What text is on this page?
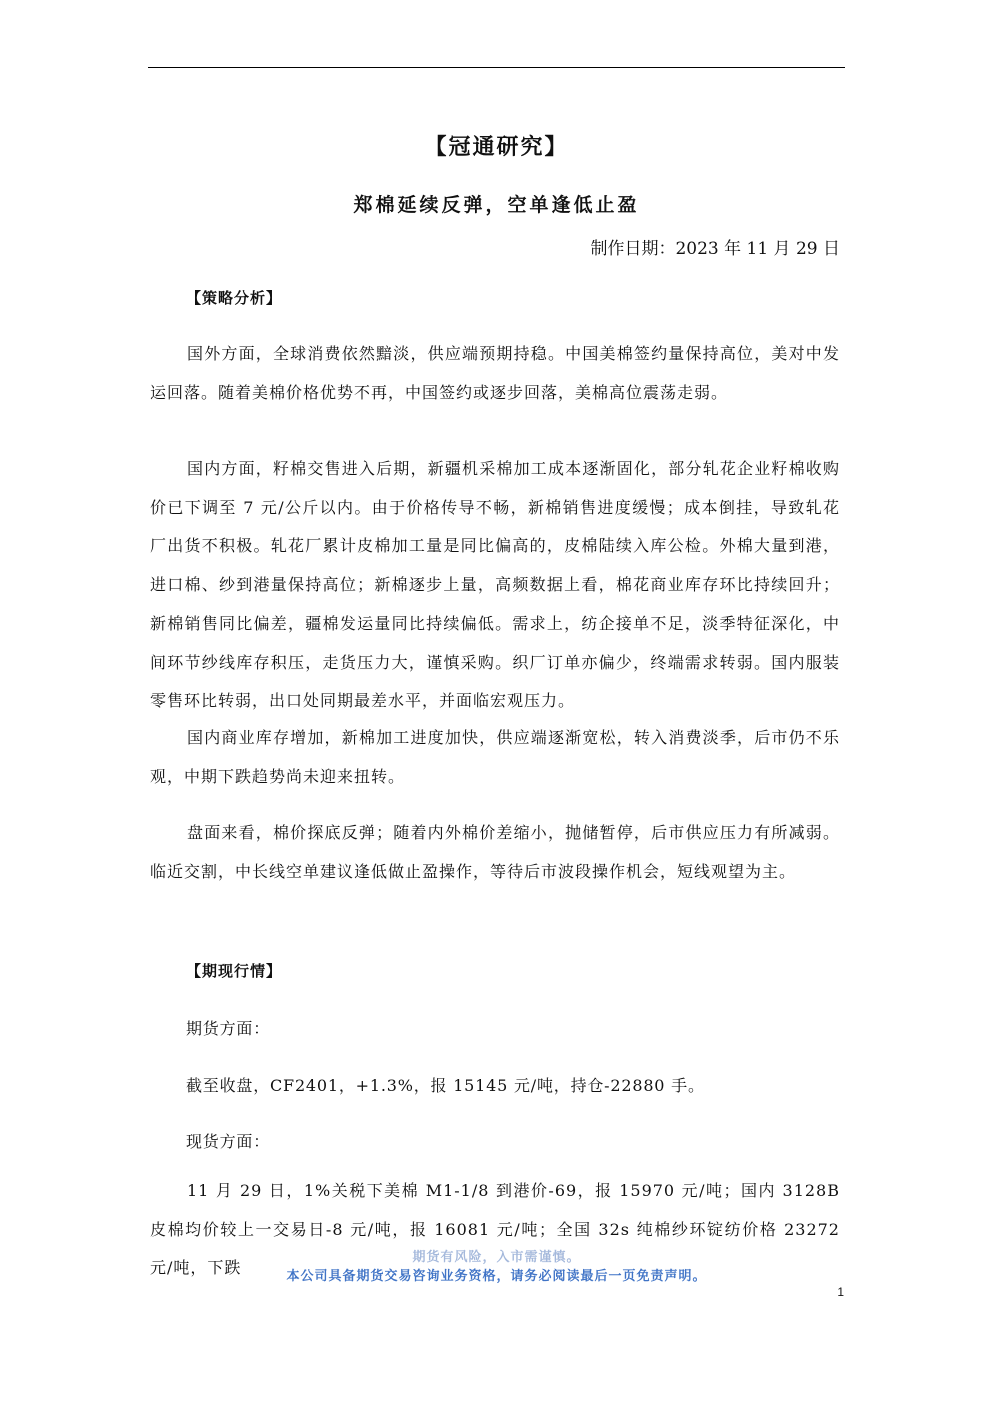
【冠通研究】
郑棉延续反弹，空单逢低止盈
制作日期：2023 年 11 月 29 日
【策略分析】

国外方面，全球消费依然黯淡，供应端预期持稳。中国美棉签约量保持高位，美对中发运回落。随着美棉价格优势不再，中国签约或逐步回落，美棉高位震荡走弱。

国内方面，籽棉交售进入后期，新疆机采棉加工成本逐渐固化，部分轧花企业籽棉收购价已下调至 7 元/公斤以内。由于价格传导不畅，新棉销售进度缓慢；成本倒挂，导致轧花厂出货不积极。轧花厂累计皮棉加工量是同比偏高的，皮棉陆续入库公检。外棉大量到港，进口棉、纱到港量保持高位；新棉逐步上量，高频数据上看，棉花商业库存环比持续回升；新棉销售同比偏差，疆棉发运量同比持续偏低。需求上，纺企接单不足，淡季特征深化，中间环节纱线库存积压，走货压力大，谨慎采购。织厂订单亦偏少，终端需求转弱。国内服装零售环比转弱，出口处同期最差水平，并面临宏观压力。

国内商业库存增加，新棉加工进度加快，供应端逐渐宽松，转入消费淡季，后市仍不乐观，中期下跌趋势尚未迎来扭转。

盘面来看，棉价探底反弹；随着内外棉价差缩小，抛储暂停，后市供应压力有所减弱。临近交割，中长线空单建议逢低做止盈操作，等待后市波段操作机会，短线观望为主。

【期现行情】

期货方面：

截至收盘，CF2401，+1.3%，报 15145 元/吨，持仓-22880 手。

现货方面：

11 月 29 日，1%关税下美棉 M1-1/8 到港价-69，报 15970 元/吨；国内 3128B 皮棉均价较上一交易日-8 元/吨，报 16081 元/吨；全国 32s 纯棉纱环锭纺价格 23272 元/吨，下跌

期货有风险，入市需谨慎。
本公司具备期货交易咨询业务资格，请务必阅读最后一页免责声明。
1
